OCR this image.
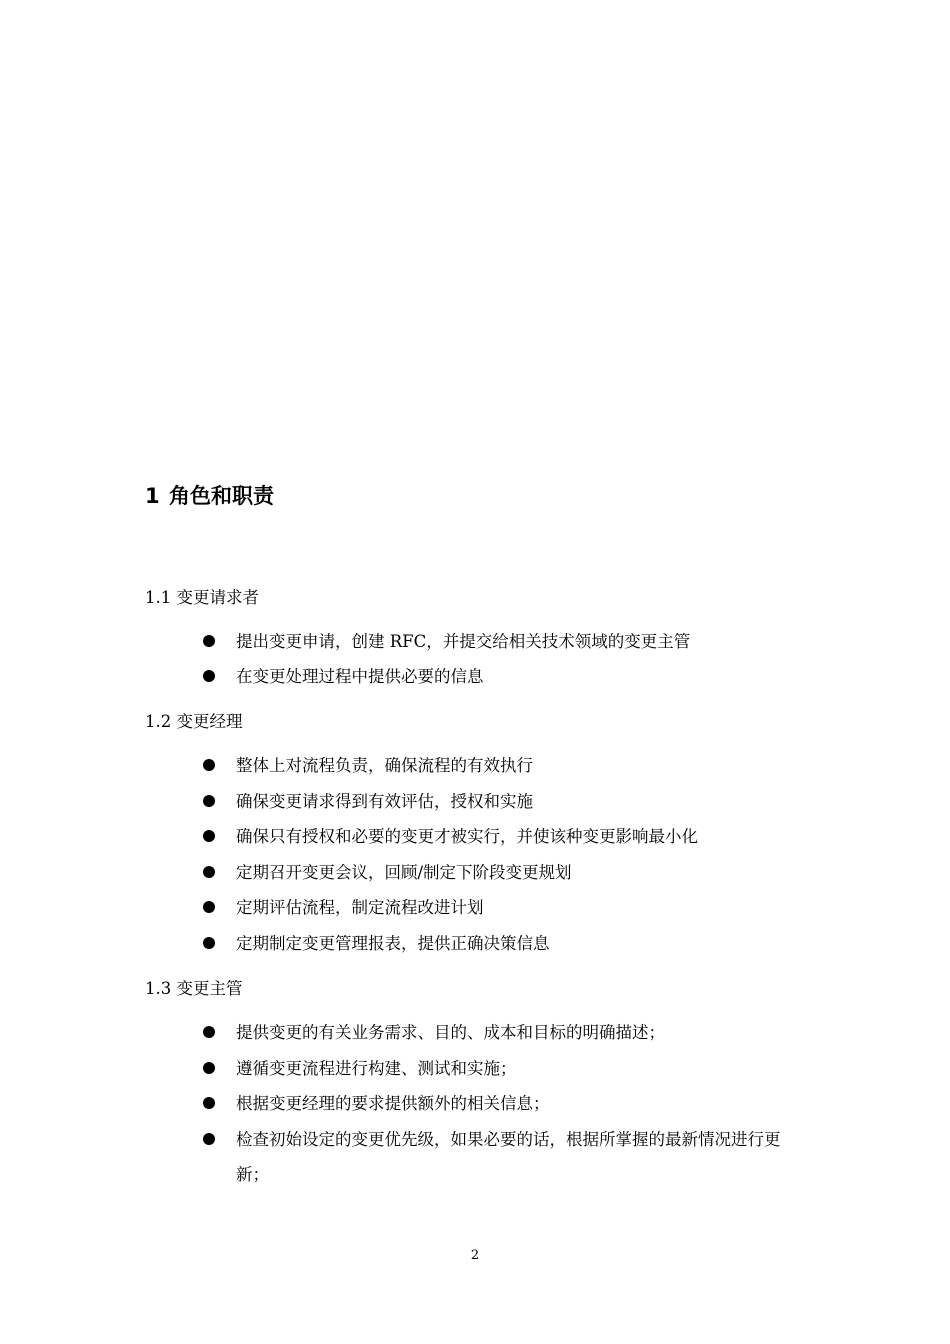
1 角色和职责
1.1 变更请求者
提出变更申请，创建 RFC，并提交给相关技术领域的变更主管
在变更处理过程中提供必要的信息
1.2 变更经理
整体上对流程负责，确保流程的有效执行
确保变更请求得到有效评估，授权和实施
确保只有授权和必要的变更才被实行，并使该种变更影响最小化
定期召开变更会议，回顾/制定下阶段变更规划
定期评估流程，制定流程改进计划
定期制定变更管理报表，提供正确决策信息
1.3 变更主管
提供变更的有关业务需求、目的、成本和目标的明确描述；
遵循变更流程进行构建、测试和实施；
根据变更经理的要求提供额外的相关信息；
检查初始设定的变更优先级，如果必要的话，根据所掌握的最新情况进行更新；
2
